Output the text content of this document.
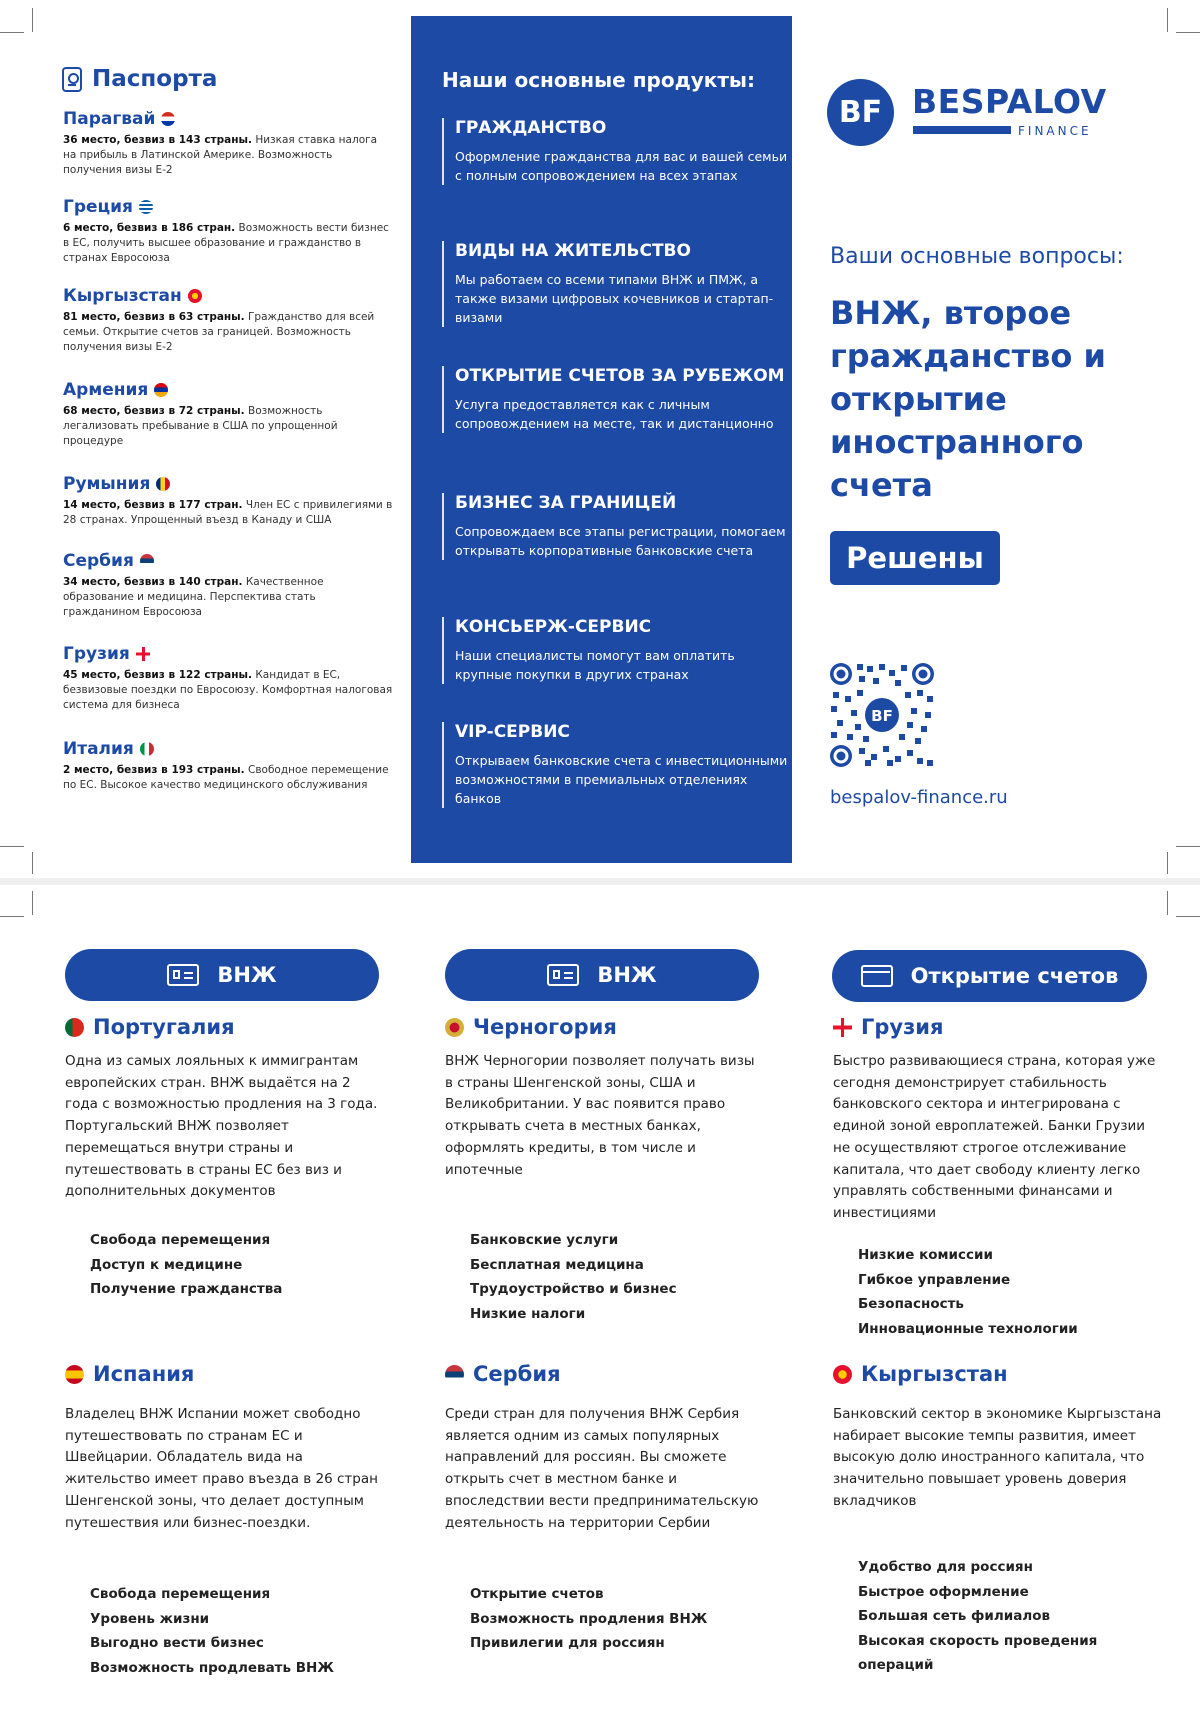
Паспорта
Парагвай
36 место, безвиз в 143 страны. Низкая ставка налога на прибыль в Латинской Америке. Возможность получения визы Е-2
Греция
6 место, безвиз в 186 стран. Возможность вести бизнес в ЕС, получить высшее образование и гражданство в странах Евросоюза
Кыргызстан
81 место, безвиз в 63 страны. Гражданство для всей семьи. Открытие счетов за границей. Возможность получения визы Е-2
Армения
68 место, безвиз в 72 страны. Возможность легализовать пребывание в США по упрощенной процедуре
Румыния
14 место, безвиз в 177 стран. Член ЕС с привилегиями в 28 странах. Упрощенный въезд в Канаду и США
Сербия
34 место, безвиз в 140 стран. Качественное образование и медицина. Перспектива стать гражданином Евросоюза
Грузия
45 место, безвиз в 122 страны. Кандидат в ЕС, безвизовые поездки по Евросоюзу. Комфортная налоговая система для бизнеса
Италия
2 место, безвиз в 193 страны. Свободное перемещение по ЕС. Высокое качество медицинского обслуживания
Наши основные продукты:
ГРАЖДАНСТВО
Оформление гражданства для вас и вашей семьи с полным сопровождением на всех этапах
ВИДЫ НА ЖИТЕЛЬСТВО
Мы работаем со всеми типами ВНЖ и ПМЖ, а также визами цифровых кочевников и стартап-визами
ОТКРЫТИЕ СЧЕТОВ ЗА РУБЕЖОМ
Услуга предоставляется как с личным сопровождением на месте, так и дистанционно
БИЗНЕС ЗА ГРАНИЦЕЙ
Сопровождаем все этапы регистрации, помогаем открывать корпоративные банковские счета
КОНСЬЕРЖ-СЕРВИС
Наши специалисты помогут вам оплатить крупные покупки в других странах
VIP-СЕРВИС
Открываем банковские счета с инвестиционными возможностями в премиальных отделениях банков
BF BESPALOV
FINANCE
Ваши основные вопросы:
ВНЖ, второе гражданство и открытие иностранного счета
Решены
BF
bespalov-finance.ru
ВНЖ	ВНЖ	Открытие счетов
Португалия
Одна из самых лояльных к иммигрантам европейских стран. ВНЖ выдаётся на 2 года с возможностью продления на 3 года. Португальский ВНЖ позволяет перемещаться внутри страны и путешествовать в страны ЕС без виз и дополнительных документов
Свобода перемещения
Доступ к медицине
Получение гражданства
Черногория
ВНЖ Черногории позволяет получать визы в страны Шенгенской зоны, США и Великобритании. У вас появится право открывать счета в местных банках, оформлять кредиты, в том числе и ипотечные
Банковские услуги
Бесплатная медицина
Трудоустройство и бизнес
Низкие налоги
Грузия
Быстро развивающиеся страна, которая уже сегодня демонстрирует стабильность банковского сектора и интегрирована с единой зоной европлатежей. Банки Грузии не осуществляют строгое отслеживание капитала, что дает свободу клиенту легко управлять собственными финансами и инвестициями
Низкие комиссии
Гибкое управление
Безопасность
Инновационные технологии
Испания
Владелец ВНЖ Испании может свободно путешествовать по странам ЕС и Швейцарии. Обладатель вида на жительство имеет право въезда в 26 стран Шенгенской зоны, что делает доступным путешествия или бизнес-поездки.
Свобода перемещения
Уровень жизни
Выгодно вести бизнес
Возможность продлевать ВНЖ
Сербия
Среди стран для получения ВНЖ Сербия является одним из самых популярных направлений для россиян. Вы сможете открыть счет в местном банке и впоследствии вести предпринимательскую деятельность на территории Сербии
Открытие счетов
Возможность продления ВНЖ
Привилегии для россиян
Кыргызстан
Банковский сектор в экономике Кыргызстана набирает высокие темпы развития, имеет высокую долю иностранного капитала, что значительно повышает уровень доверия вкладчиков
Удобство для россиян
Быстрое оформление
Большая сеть филиалов
Высокая скорость проведения операций
